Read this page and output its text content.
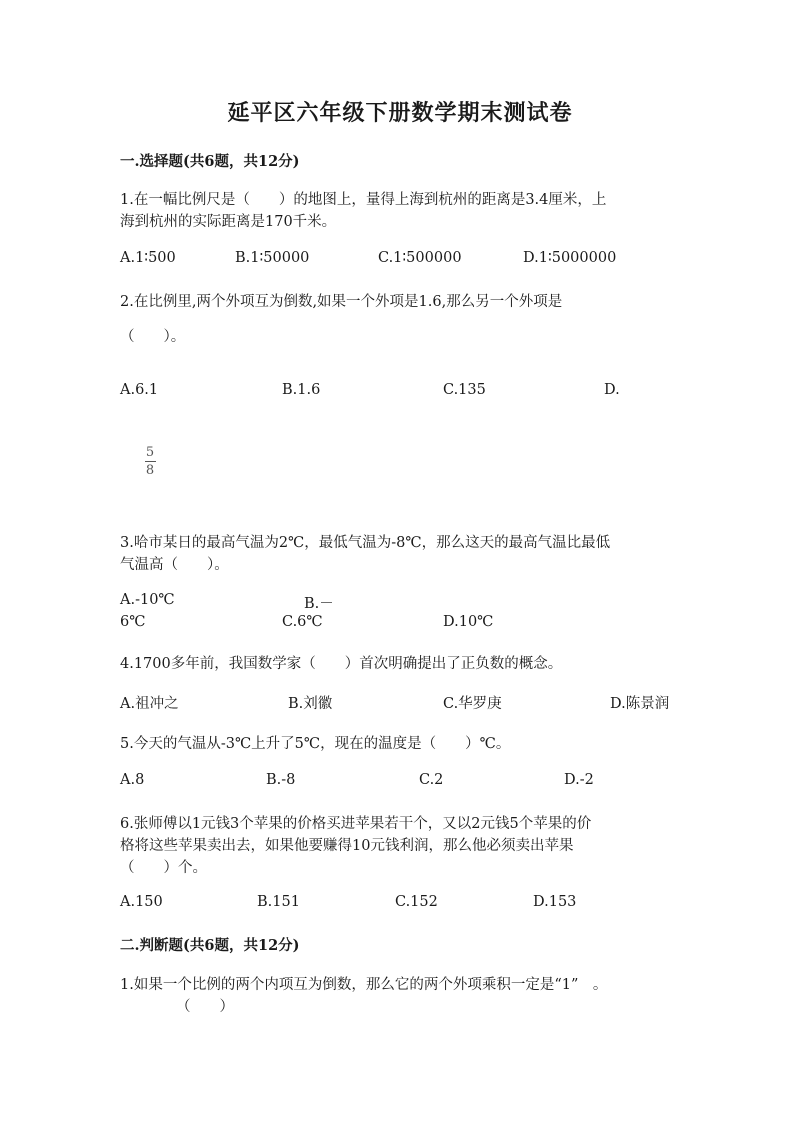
延平区六年级下册数学期末测试卷
一.选择题(共6题，共12分)
1.在一幅比例尺是（　　）的地图上，量得上海到杭州的距离是3.4厘米，上
海到杭州的实际距离是170千米。
A.1∶500	B.1∶50000	C.1∶500000	D.1∶5000000
2.在比例里,两个外项互为倒数,如果一个外项是1.6,那么另一个外项是
（　　）。
A.6.1	B.1.6	C.135	D.
5
8
3.哈市某日的最高气温为2℃，最低气温为-8℃，那么这天的最高气温比最低
气温高（　　）。
A.-10℃	B.－
6℃	C.6℃	D.10℃
4.1700多年前，我国数学家（　　）首次明确提出了正负数的概念。
A.祖冲之	B.刘徽	C.华罗庚	D.陈景润
5.今天的气温从-3℃上升了5℃，现在的温度是（　　）℃。
A.8	B.-8	C.2	D.-2
6.张师傅以1元钱3个苹果的价格买进苹果若干个，又以2元钱5个苹果的价
格将这些苹果卖出去，如果他要赚得10元钱利润，那么他必须卖出苹果
（　　）个。
A.150	B.151	C.152	D.153
二.判断题(共6题，共12分)
1.如果一个比例的两个内项互为倒数，那么它的两个外项乘积一定是“1”　。
（　　）
